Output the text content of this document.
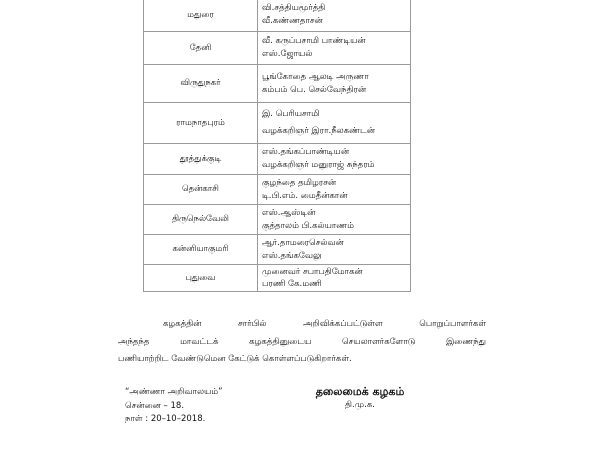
மதுரை	வி.சத்தியமூர்த்தி
வீ.கண்ணதாசன்

தேனி	வீ. கருப்பசாமி பாண்டியன்
எஸ்.ஜோயல்

விருதுநகர்	பூங்கோதை ஆலடி அருணா
கம்பம் பெ. செல்வேந்திரன்

ராமநாதபுரம்	இ. பெரியசாமி
வழக்கறிஞர் இரா.நீலகண்டன்

தூத்துக்குடி	எஸ்.தங்கப்பாண்டியன்
வழக்கறிஞர் மனுராஜ் சுந்தரம்

தென்காசி	குழந்தை தமிழரசன்
டி.பி.எம். மைதீன்கான்

திருநெல்வேலி	எஸ்.ஆஸ்டின்
குத்தாலம் பி.கல்யாணம்

கன்னியாகுமரி	ஆர்.தாமரைசெல்வன்
எஸ்.தங்கவேலு

புதுவை	முனைவர் சபாபதிமோகன்
பரணி கே.மணி
கழகத்தின் சார்பில் அறிவிக்கப்பட்டுள்ள பொறுப்பாளர்கள்
அந்தந்த மாவட்டக் கழகத்தினுடைய செயலாளர்களோடு இணைந்து
பணியாற்றிட வேண்டுமென கேட்டுக் கொள்ளப்படுகிறார்கள்.
“அண்ணா அறிவாலயம்”
சென்னை – 18.
நாள் : 20–10–2018.
தலைமைக் கழகம்
தி.மு.க.
